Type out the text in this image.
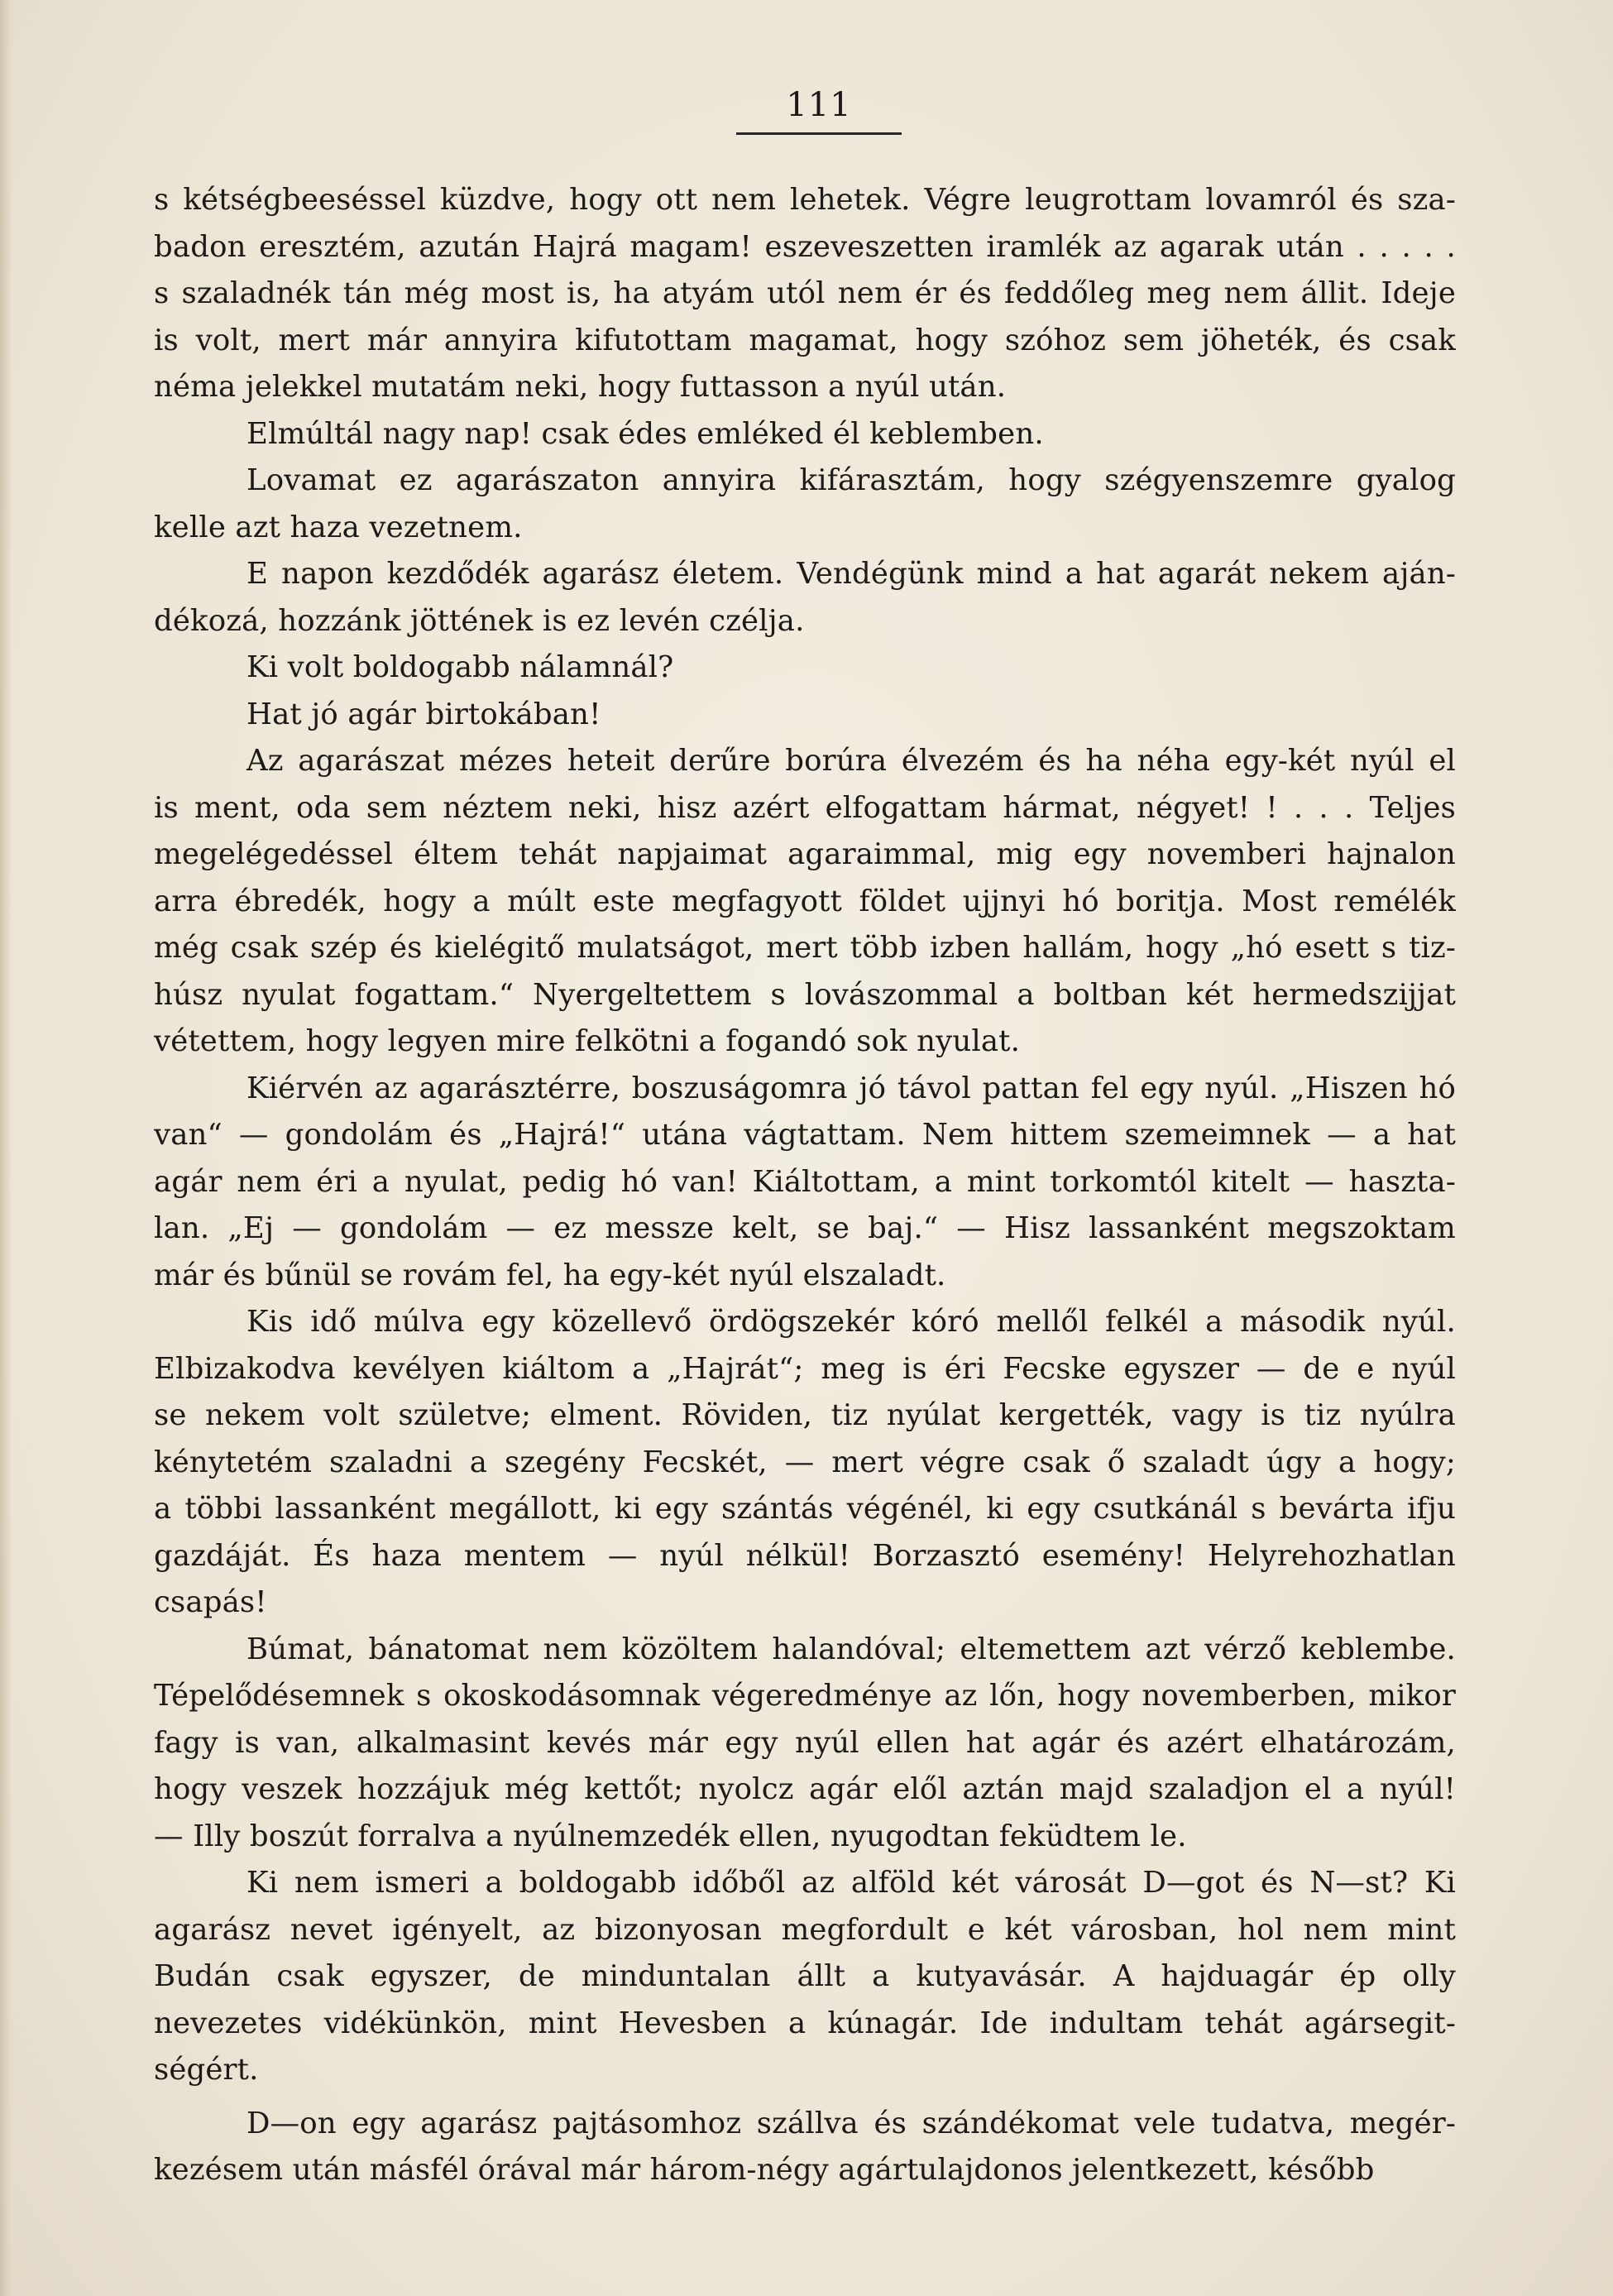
111
s kétségbeeséssel küzdve, hogy ott nem lehetek. Végre leugrottam lovamról és sza-
badon eresztém, azután Hajrá magam! eszeveszetten iramlék az agarak után . . . . .
s szaladnék tán még most is, ha atyám utól nem ér és feddőleg meg nem állit. Ideje
is volt, mert már annyira kifutottam magamat, hogy szóhoz sem jöheték, és csak
néma jelekkel mutatám neki, hogy futtasson a nyúl után.
Elmúltál nagy nap! csak édes emléked él keblemben.
Lovamat ez agarászaton annyira kifárasztám, hogy szégyenszemre gyalog
kelle azt haza vezetnem.
E napon kezdődék agarász életem. Vendégünk mind a hat agarát nekem aján-
dékozá, hozzánk jöttének is ez levén czélja.
Ki volt boldogabb nálamnál?
Hat jó agár birtokában!
Az agarászat mézes heteit derűre borúra élvezém és ha néha egy-két nyúl el
is ment, oda sem néztem neki, hisz azért elfogattam hármat, négyet! ! . . . Teljes
megelégedéssel éltem tehát napjaimat agaraimmal, mig egy novemberi hajnalon
arra ébredék, hogy a múlt este megfagyott földet ujjnyi hó boritja. Most remélék
még csak szép és kielégitő mulatságot, mert több izben hallám, hogy „hó esett s tiz-
húsz nyulat fogattam.“ Nyergeltettem s lovászommal a boltban két hermedszijjat
vétettem, hogy legyen mire felkötni a fogandó sok nyulat.
Kiérvén az agarásztérre, boszuságomra jó távol pattan fel egy nyúl. „Hiszen hó
van“ — gondolám és „Hajrá!“ utána vágtattam. Nem hittem szemeimnek — a hat
agár nem éri a nyulat, pedig hó van! Kiáltottam, a mint torkomtól kitelt — haszta-
lan. „Ej — gondolám — ez messze kelt, se baj.“ — Hisz lassanként megszoktam
már és bűnül se rovám fel, ha egy-két nyúl elszaladt.
Kis idő múlva egy közellevő ördögszekér kóró mellől felkél a második nyúl.
Elbizakodva kevélyen kiáltom a „Hajrát“; meg is éri Fecske egyszer — de e nyúl
se nekem volt születve; elment. Röviden, tiz nyúlat kergették, vagy is tiz nyúlra
kénytetém szaladni a szegény Fecskét, — mert végre csak ő szaladt úgy a hogy;
a többi lassanként megállott, ki egy szántás végénél, ki egy csutkánál s bevárta ifju
gazdáját. És haza mentem — nyúl nélkül! Borzasztó esemény! Helyrehozhatlan
csapás!
Búmat, bánatomat nem közöltem halandóval; eltemettem azt vérző keblembe.
Tépelődésemnek s okoskodásomnak végeredménye az lőn, hogy novemberben, mikor
fagy is van, alkalmasint kevés már egy nyúl ellen hat agár és azért elhatározám,
hogy veszek hozzájuk még kettőt; nyolcz agár elől aztán majd szaladjon el a nyúl!
— Illy boszút forralva a nyúlnemzedék ellen, nyugodtan feküdtem le.
Ki nem ismeri a boldogabb időből az alföld két városát D—got és N—st? Ki
agarász nevet igényelt, az bizonyosan megfordult e két városban, hol nem mint
Budán csak egyszer, de minduntalan állt a kutyavásár. A hajduagár ép olly
nevezetes vidékünkön, mint Hevesben a kúnagár. Ide indultam tehát agársegit-
ségért.
D—on egy agarász pajtásomhoz szállva és szándékomat vele tudatva, megér-
kezésem után másfél órával már három-négy agártulajdonos jelentkezett, később
